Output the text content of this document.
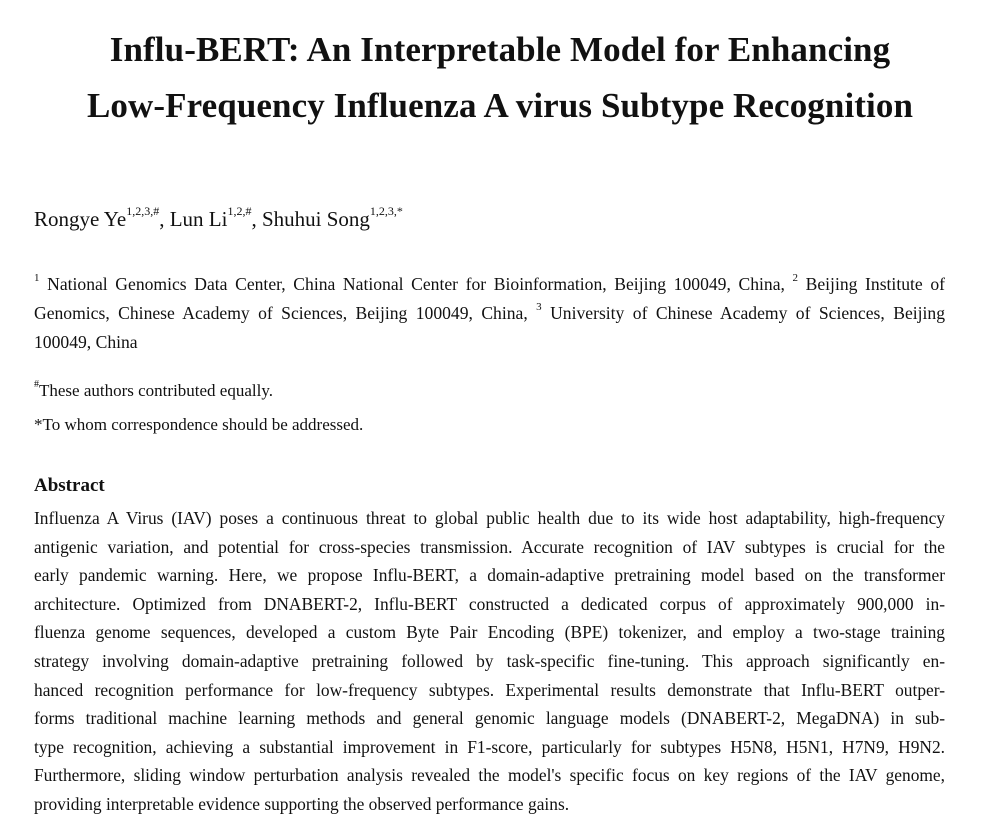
Influ-BERT: An Interpretable Model for Enhancing
Low-Frequency Influenza A virus Subtype Recognition

Rongye $Ye^{1,2,3,\#}$, Lun $Li^{1,2,\#}$, Shuhui Song$^{1,2,3,*}$

$^1$ National Genomics Data Center, China National Center for Bioinformation, Beijing 100049, China, $^2$ Beijing Institute of Genomics, Chinese Academy of Sciences, Beijing 100049, China, $^3$ University of Chinese Academy of Sciences, Beijing 100049, China

#These authors contributed equally.

*To whom correspondence should be addressed.

Abstract
Influenza A Virus (IAV) poses a continuous threat to global public health due to its wide host adaptability, high-frequency
antigenic variation, and potential for cross-species transmission. Accurate recognition of IAV subtypes is crucial for the
early pandemic warning. Here, we propose Influ-BERT, a domain-adaptive pretraining model based on the transformer
architecture. Optimized from DNABERT-2, Influ-BERT constructed a dedicated corpus of approximately 900,000 in-
fluenza genome sequences, developed a custom Byte Pair Encoding (BPE) tokenizer, and employ a two-stage training
strategy involving domain-adaptive pretraining followed by task-specific fine-tuning. This approach significantly en-
hanced recognition performance for low-frequency subtypes. Experimental results demonstrate that Influ-BERT outper-
forms traditional machine learning methods and general genomic language models (DNABERT-2, MegaDNA) in sub-
type recognition, achieving a substantial improvement in F1-score, particularly for subtypes H5N8, H5N1, H7N9, H9N2.
Furthermore, sliding window perturbation analysis revealed the model's specific focus on key regions of the IAV genome,
providing interpretable evidence supporting the observed performance gains.
